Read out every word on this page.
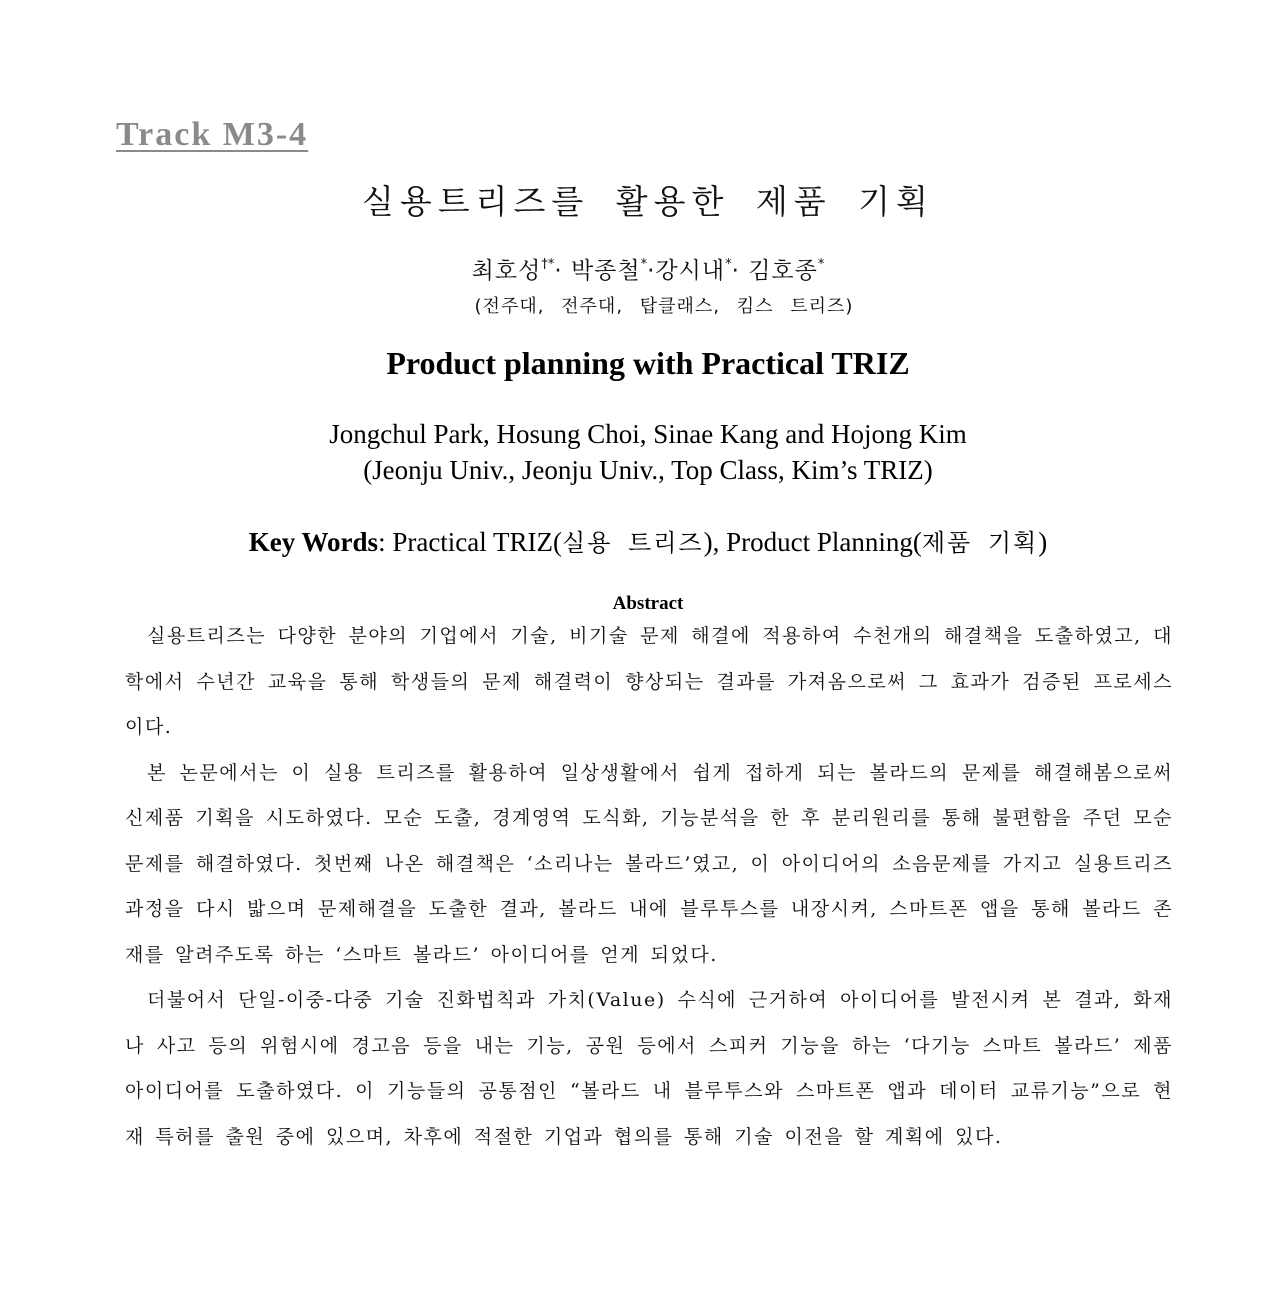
Track M3-4
실용트리즈를 활용한 제품 기획
최호성†*· 박종철*·강시내*· 김호종*
(전주대, 전주대, 탑클래스, 킴스 트리즈)
Product planning with Practical TRIZ
Jongchul Park, Hosung Choi, Sinae Kang and Hojong Kim
(Jeonju Univ., Jeonju Univ., Top Class, Kim’s TRIZ)
Key Words: Practical TRIZ(실용 트리즈), Product Planning(제품 기획)
Abstract

실용트리즈는 다양한 분야의 기업에서 기술, 비기술 문제 해결에 적용하여 수천개의 해결책을 도출하였고, 대학에서 수년간 교육을 통해 학생들의 문제 해결력이 향상되는 결과를 가져옴으로써 그 효과가 검증된 프로세스이다.

본 논문에서는 이 실용 트리즈를 활용하여 일상생활에서 쉽게 접하게 되는 볼라드의 문제를 해결해봄으로써 신제품 기획을 시도하였다. 모순 도출, 경계영역 도식화, 기능분석을 한 후 분리원리를 통해 불편함을 주던 모순 문제를 해결하였다. 첫번째 나온 해결책은 ‘소리나는 볼라드’였고, 이 아이디어의 소음문제를 가지고 실용트리즈 과정을 다시 밟으며 문제해결을 도출한 결과, 볼라드 내에 블루투스를 내장시켜, 스마트폰 앱을 통해 볼라드 존재를 알려주도록 하는 ‘스마트 볼라드’ 아이디어를 얻게 되었다.

더불어서 단일-이중-다중 기술 진화법칙과 가치(Value) 수식에 근거하여 아이디어를 발전시켜 본 결과, 화재나 사고 등의 위험시에 경고음 등을 내는 기능, 공원 등에서 스피커 기능을 하는 ‘다기능 스마트 볼라드’ 제품 아이디어를 도출하였다. 이 기능들의 공통점인 “볼라드 내 블루투스와 스마트폰 앱과 데이터 교류기능”으로 현재 특허를 출원 중에 있으며, 차후에 적절한 기업과 협의를 통해 기술 이전을 할 계획에 있다.
